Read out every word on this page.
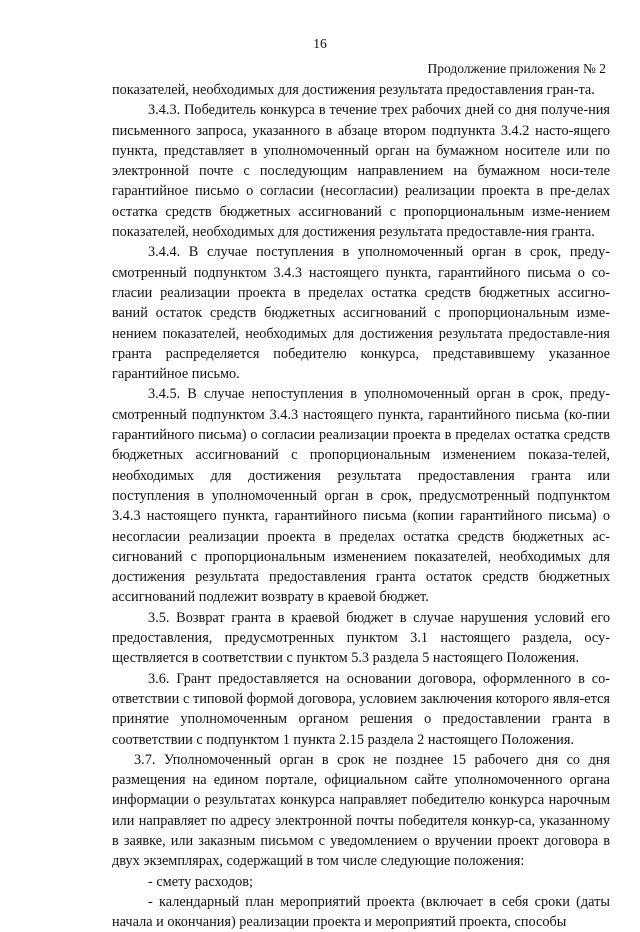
16
Продолжение приложения № 2

показателей, необходимых для достижения результата предоставления гран-та.

3.4.3. Победитель конкурса в течение трех рабочих дней со дня получе-ния письменного запроса, указанного в абзаце втором подпункта 3.4.2 насто-ящего пункта, представляет в уполномоченный орган на бумажном носителе или по электронной почте с последующим направлением на бумажном носи-теле гарантийное письмо о согласии (несогласии) реализации проекта в пре-делах остатка средств бюджетных ассигнований с пропорциональным изме-нением показателей, необходимых для достижения результата предоставле-ния гранта.

3.4.4. В случае поступления в уполномоченный орган в срок, преду-смотренный подпунктом 3.4.3 настоящего пункта, гарантийного письма о со-гласии реализации проекта в пределах остатка средств бюджетных ассигно-ваний остаток средств бюджетных ассигнований с пропорциональным изме-нением показателей, необходимых для достижения результата предоставле-ния гранта распределяется победителю конкурса, представившему указанное гарантийное письмо.

3.4.5. В случае непоступления в уполномоченный орган в срок, преду-смотренный подпунктом 3.4.3 настоящего пункта, гарантийного письма (ко-пии гарантийного письма) о согласии реализации проекта в пределах остатка средств бюджетных ассигнований с пропорциональным изменением показа-телей, необходимых для достижения результата предоставления гранта или поступления в уполномоченный орган в срок, предусмотренный подпунктом 3.4.3 настоящего пункта, гарантийного письма (копии гарантийного письма) о несогласии реализации проекта в пределах остатка средств бюджетных ас-сигнований с пропорциональным изменением показателей, необходимых для достижения результата предоставления гранта остаток средств бюджетных ассигнований подлежит возврату в краевой бюджет.

3.5. Возврат гранта в краевой бюджет в случае нарушения условий его предоставления, предусмотренных пунктом 3.1 настоящего раздела, осу-ществляется в соответствии с пунктом 5.3 раздела 5 настоящего Положения.

3.6. Грант предоставляется на основании договора, оформленного в со-ответствии с типовой формой договора, условием заключения которого явля-ется принятие уполномоченным органом решения о предоставлении гранта в соответствии с подпунктом 1 пункта 2.15 раздела 2 настоящего Положения.

3.7. Уполномоченный орган в срок не позднее 15 рабочего дня со дня размещения на едином портале, официальном сайте уполномоченного органа информации о результатах конкурса направляет победителю конкурса нарочным или направляет по адресу электронной почты победителя конкур-са, указанному в заявке, или заказным письмом с уведомлением о вручении проект договора в двух экземплярах, содержащий в том числе следующие положения:

- смету расходов;

- календарный план мероприятий проекта (включает в себя сроки (даты начала и окончания) реализации проекта и мероприятий проекта, способы
